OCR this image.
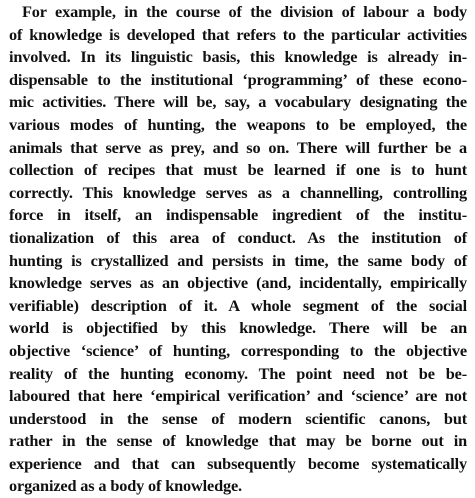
For example, in the course of the division of labour a body
of knowledge is developed that refers to the particular activities
involved. In its linguistic basis, this knowledge is already in-
dispensable to the institutional ‘programming’ of these econo-
mic activities. There will be, say, a vocabulary designating the
various modes of hunting, the weapons to be employed, the
animals that serve as prey, and so on. There will further be a
collection of recipes that must be learned if one is to hunt
correctly. This knowledge serves as a channelling, controlling
force in itself, an indispensable ingredient of the institu-
tionalization of this area of conduct. As the institution of
hunting is crystallized and persists in time, the same body of
knowledge serves as an objective (and, incidentally, empirically
verifiable) description of it. A whole segment of the social
world is objectified by this knowledge. There will be an
objective ‘science’ of hunting, corresponding to the objective
reality of the hunting economy. The point need not be be-
laboured that here ‘empirical verification’ and ‘science’ are not
understood in the sense of modern scientific canons, but
rather in the sense of knowledge that may be borne out in
experience and that can subsequently become systematically
organized as a body of knowledge.
